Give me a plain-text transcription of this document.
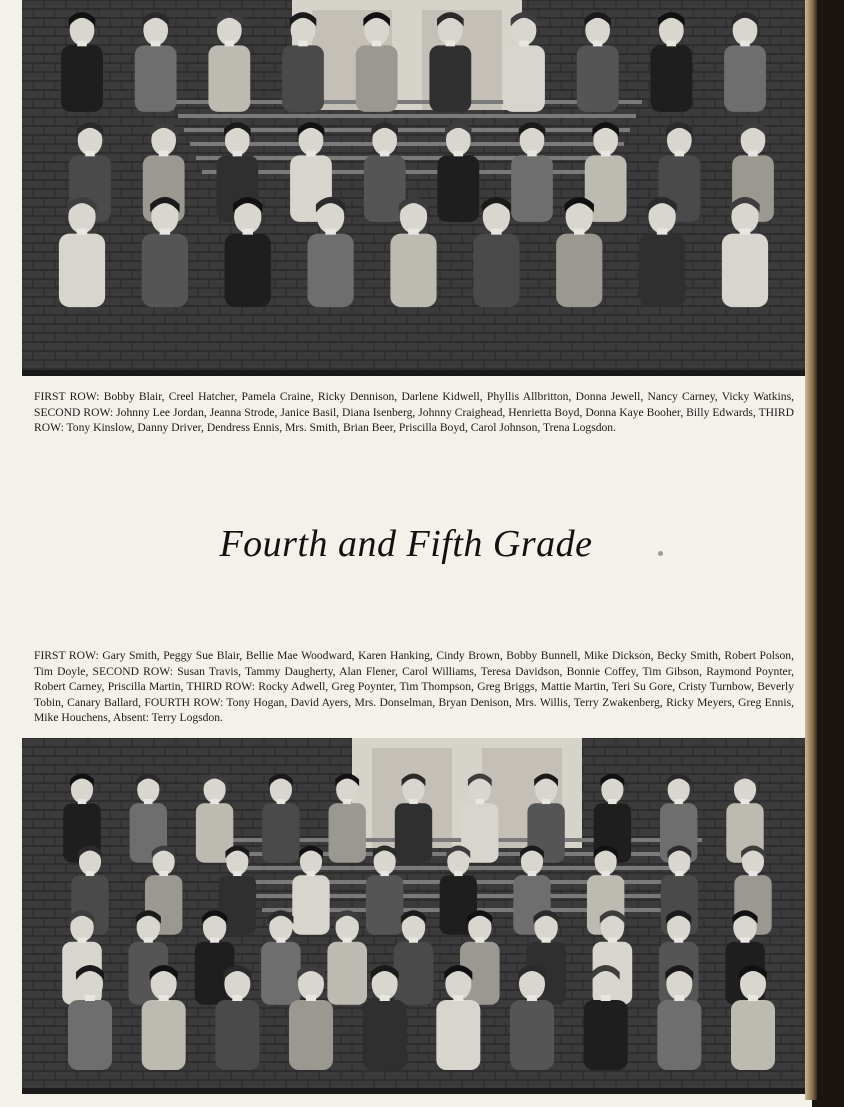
FIRST ROW: Bobby Blair, Creel Hatcher, Pamela Craine, Ricky Dennison, Darlene Kidwell, Phyllis Allbritton, Donna Jewell, Nancy Carney, Vicky Watkins, SECOND ROW: Johnny Lee Jordan, Jeanna Strode, Janice Basil, Diana Isenberg, Johnny Craighead, Henrietta Boyd, Donna Kaye Booher, Billy Edwards, THIRD ROW: Tony Kinslow, Danny Driver, Dendress Ennis, Mrs. Smith, Brian Beer, Priscilla Boyd, Carol Johnson, Trena Logsdon.
Fourth and Fifth Grade
FIRST ROW: Gary Smith, Peggy Sue Blair, Bellie Mae Woodward, Karen Hanking, Cindy Brown, Bobby Bunnell, Mike Dickson, Becky Smith, Robert Polson, Tim Doyle, SECOND ROW: Susan Travis, Tammy Daugherty, Alan Flener, Carol Williams, Teresa Davidson, Bonnie Coffey, Tim Gibson, Raymond Poynter, Robert Carney, Priscilla Martin, THIRD ROW: Rocky Adwell, Greg Poynter, Tim Thompson, Greg Briggs, Mattie Martin, Teri Su Gore, Cristy Turnbow, Beverly Tobin, Canary Ballard, FOURTH ROW: Tony Hogan, David Ayers, Mrs. Donselman, Bryan Denison, Mrs. Willis, Terry Zwakenberg, Ricky Meyers, Greg Ennis, Mike Houchens, Absent: Terry Logsdon.
